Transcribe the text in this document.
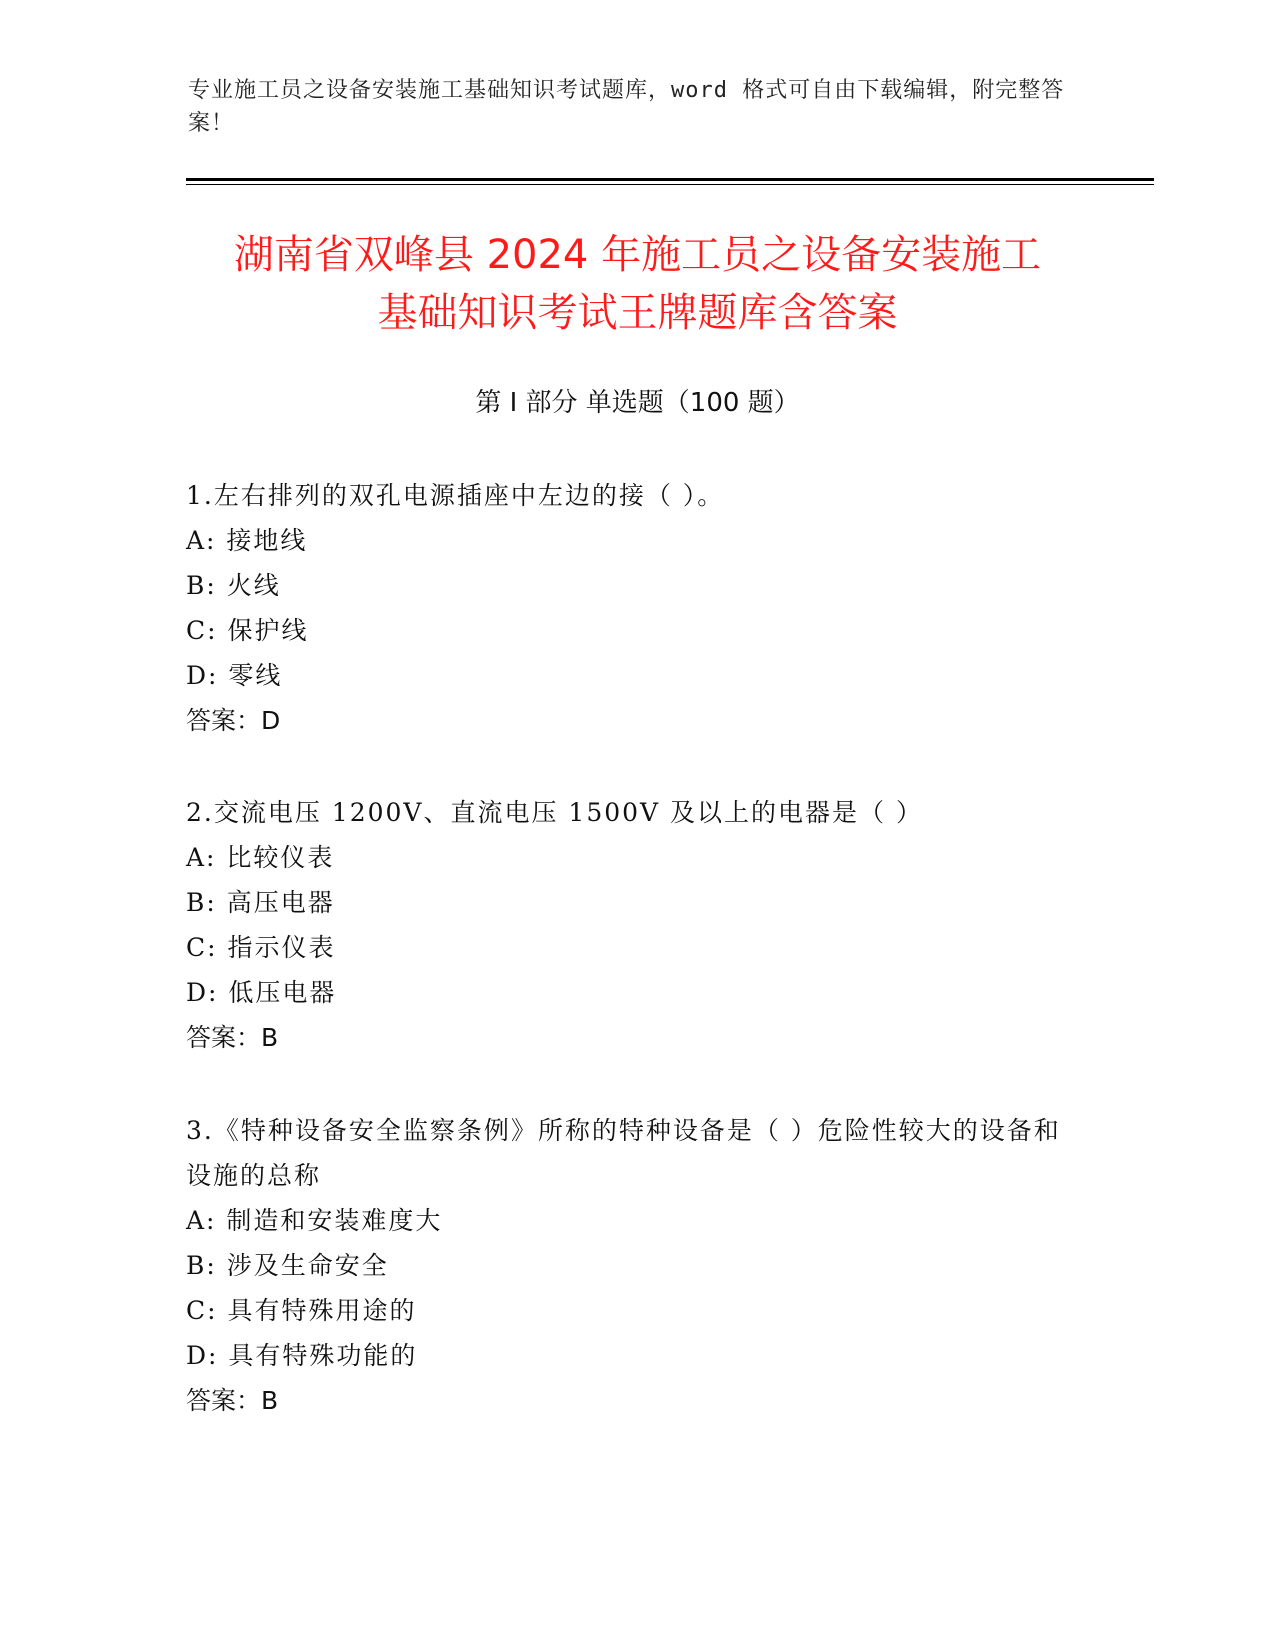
专业施工员之设备安装施工基础知识考试题库，word 格式可自由下载编辑，附完整答案！
湖南省双峰县 2024 年施工员之设备安装施工
基础知识考试王牌题库含答案
第 I 部分 单选题（100 题）

1.左右排列的双孔电源插座中左边的接（ ）。

A: 接地线

B: 火线

C: 保护线

D: 零线

答案：D

2.交流电压 1200V、直流电压 1500V 及以上的电器是（ ）

A: 比较仪表

B: 高压电器

C: 指示仪表

D: 低压电器

答案：B

3.《特种设备安全监察条例》所称的特种设备是（ ）危险性较大的设备和设施的总称

A: 制造和安装难度大

B: 涉及生命安全

C: 具有特殊用途的

D: 具有特殊功能的

答案：B
